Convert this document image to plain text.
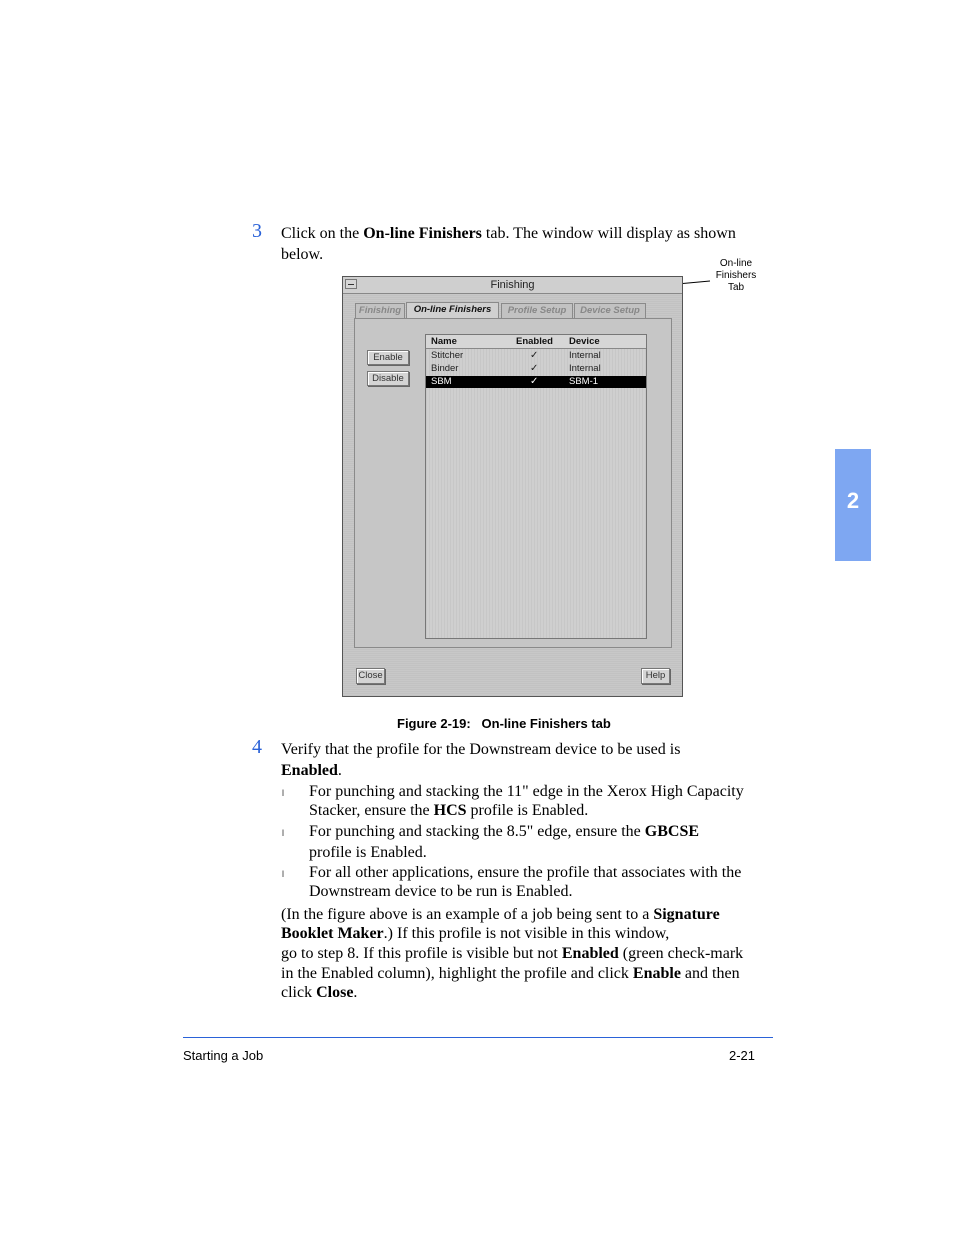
3 Click on the On-line Finishers tab. The window will display as shown
below.
On-line
Finishers
Tab
Finishing
Finishing	On-line Finishers	Profile Setup	Device Setup
Enable
Disable
Name	Enabled Device
Stitcher	✓	Internal
Binder	✓	Internal
SBM	✓	SBM-1
Close	Help
Figure 2-19: On-line Finishers tab
4 Verify that the profile for the Downstream device to be used is
Enabled.
l For punching and stacking the 11" edge in the Xerox High Capacity
Stacker, ensure the HCS profile is Enabled.
l For punching and stacking the 8.5" edge, ensure the GBCSE
profile is Enabled.
l For all other applications, ensure the profile that associates with the
Downstream device to be run is Enabled.
(In the figure above is an example of a job being sent to a Signature
Booklet Maker.) If this profile is not visible in this window,
go to step 8. If this profile is visible but not Enabled (green check-mark
in the Enabled column), highlight the profile and click Enable and then
click Close.
2
Starting a Job	2-21
